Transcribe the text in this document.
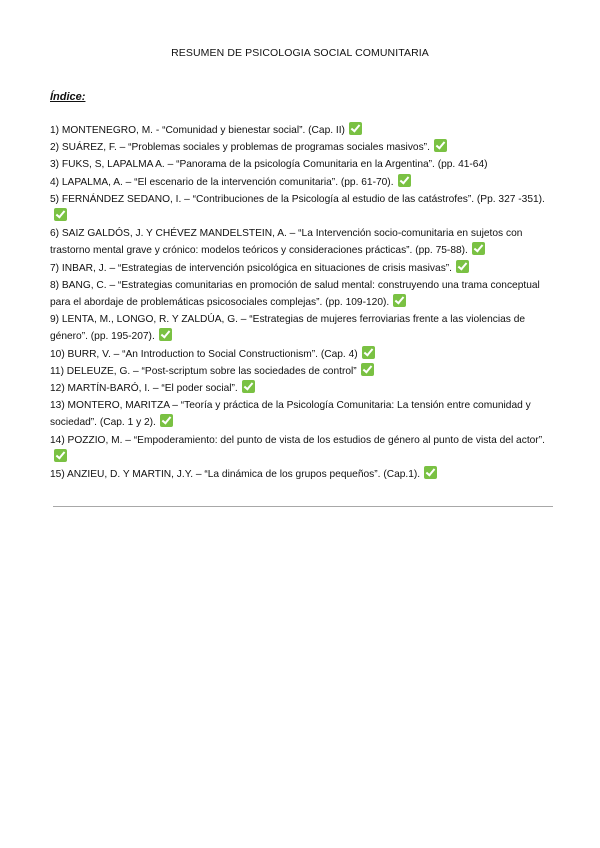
RESUMEN DE PSICOLOGIA SOCIAL COMUNITARIA
Índice:
1) MONTENEGRO, M. - “Comunidad y bienestar social”. (Cap. II)
2) SUÁREZ, F. – “Problemas sociales y problemas de programas sociales masivos”.
3) FUKS, S, LAPALMA A. – “Panorama de la psicología Comunitaria en la Argentina”. (pp. 41-64)
4) LAPALMA, A. – “El escenario de la intervención comunitaria”. (pp. 61-70).
5) FERNÁNDEZ SEDANO, I. – “Contribuciones de la Psicología al estudio de las catástrofes”. (Pp. 327 -351).
6) SAIZ GALDÓS, J. Y CHÉVEZ MANDELSTEIN, A. – “La Intervención socio-comunitaria en sujetos con trastorno mental grave y crónico: modelos teóricos y consideraciones prácticas”. (pp. 75-88).
7) INBAR, J. – “Estrategias de intervención psicológica en situaciones de crisis masivas”.
8) BANG, C. – “Estrategias comunitarias en promoción de salud mental: construyendo una trama conceptual para el abordaje de problemáticas psicosociales complejas”. (pp. 109-120).
9) LENTA, M., LONGO, R. Y ZALDÚA, G. – “Estrategias de mujeres ferroviarias frente a las violencias de género”. (pp. 195-207).
10) BURR, V. – “An Introduction to Social Constructionism”. (Cap. 4)
11) DELEUZE, G. – “Post-scriptum sobre las sociedades de control”
12) MARTÍN-BARÓ, I. – “El poder social”.
13) MONTERO, MARITZA – “Teoría y práctica de la Psicología Comunitaria: La tensión entre comunidad y sociedad”. (Cap. 1 y 2).
14) POZZIO, M. – “Empoderamiento: del punto de vista de los estudios de género al punto de vista del actor”.
15) ANZIEU, D. Y MARTIN, J.Y. – “La dinámica de los grupos pequeños”. (Cap.1).
